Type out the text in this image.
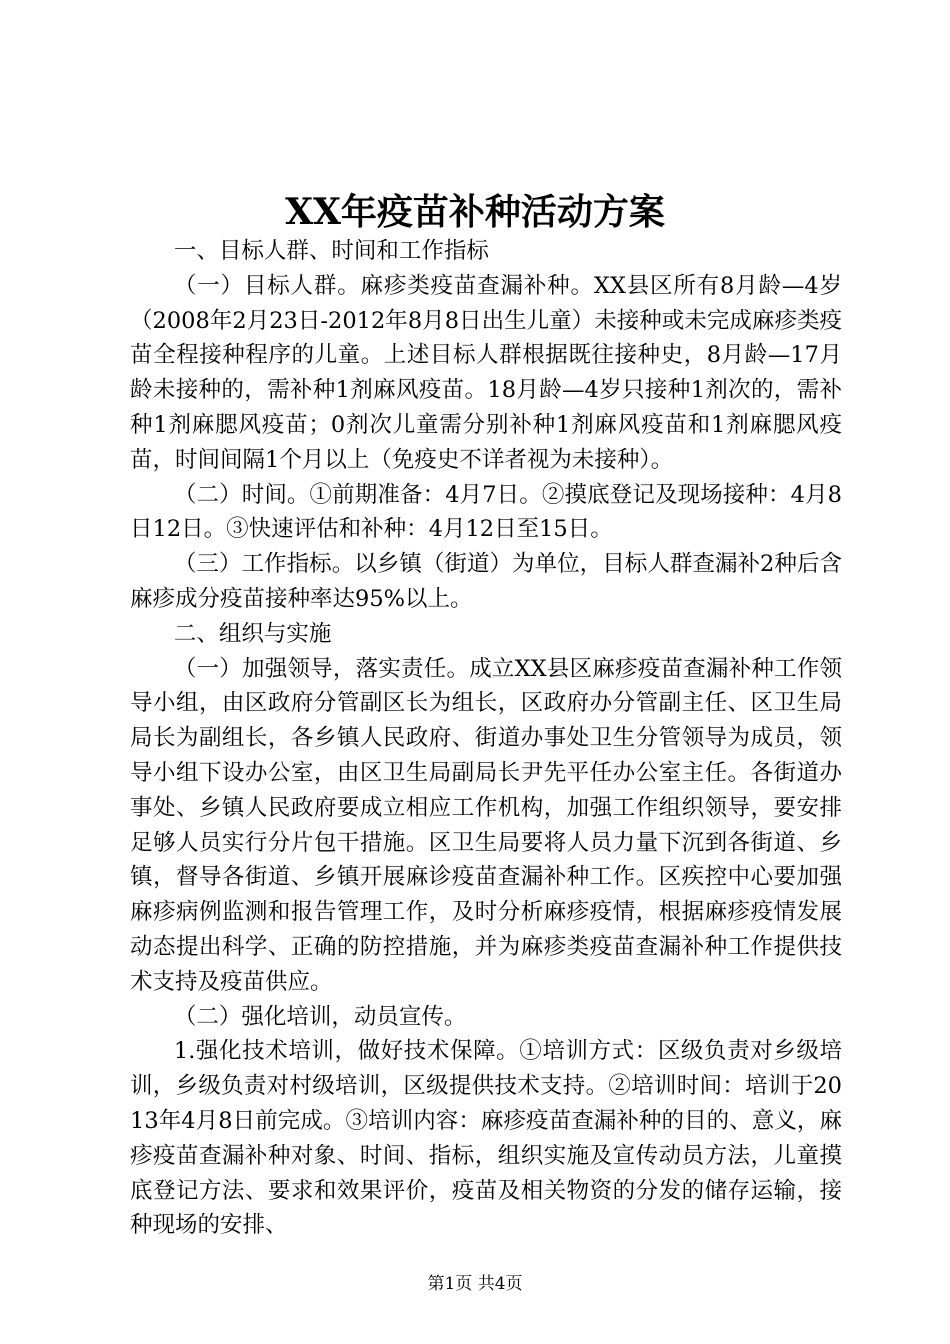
XX年疫苗补种活动方案

一、目标人群、时间和工作指标

（一）目标人群。麻疹类疫苗查漏补种。XX县区所有8月龄—4岁（2008年2月23日-2012年8月8日出生儿童）未接种或未完成麻疹类疫苗全程接种程序的儿童。上述目标人群根据既往接种史，8月龄—17月龄未接种的，需补种1剂麻风疫苗。18月龄—4岁只接种1剂次的，需补种1剂麻腮风疫苗；0剂次儿童需分别补种1剂麻风疫苗和1剂麻腮风疫苗，时间间隔1个月以上（免疫史不详者视为未接种）。

（二）时间。①前期准备：4月7日。②摸底登记及现场接种：4月8日12日。③快速评估和补种：4月12日至15日。

（三）工作指标。以乡镇（街道）为单位，目标人群查漏补2种后含麻疹成分疫苗接种率达95%以上。

二、组织与实施

（一）加强领导，落实责任。成立XX县区麻疹疫苗查漏补种工作领导小组，由区政府分管副区长为组长，区政府办分管副主任、区卫生局局长为副组长，各乡镇人民政府、街道办事处卫生分管领导为成员，领导小组下设办公室，由区卫生局副局长尹先平任办公室主任。各街道办事处、乡镇人民政府要成立相应工作机构，加强工作组织领导，要安排足够人员实行分片包干措施。区卫生局要将人员力量下沉到各街道、乡镇，督导各街道、乡镇开展麻诊疫苗查漏补种工作。区疾控中心要加强麻疹病例监测和报告管理工作，及时分析麻疹疫情，根据麻疹疫情发展动态提出科学、正确的防控措施，并为麻疹类疫苗查漏补种工作提供技术支持及疫苗供应。

（二）强化培训，动员宣传。

1.强化技术培训，做好技术保障。①培训方式：区级负责对乡级培训，乡级负责对村级培训，区级提供技术支持。②培训时间：培训于2013年4月8日前完成。③培训内容：麻疹疫苗查漏补种的目的、意义，麻疹疫苗查漏补种对象、时间、指标，组织实施及宣传动员方法，儿童摸底登记方法、要求和效果评价，疫苗及相关物资的分发的储存运输，接种现场的安排、

第1页 共4页
